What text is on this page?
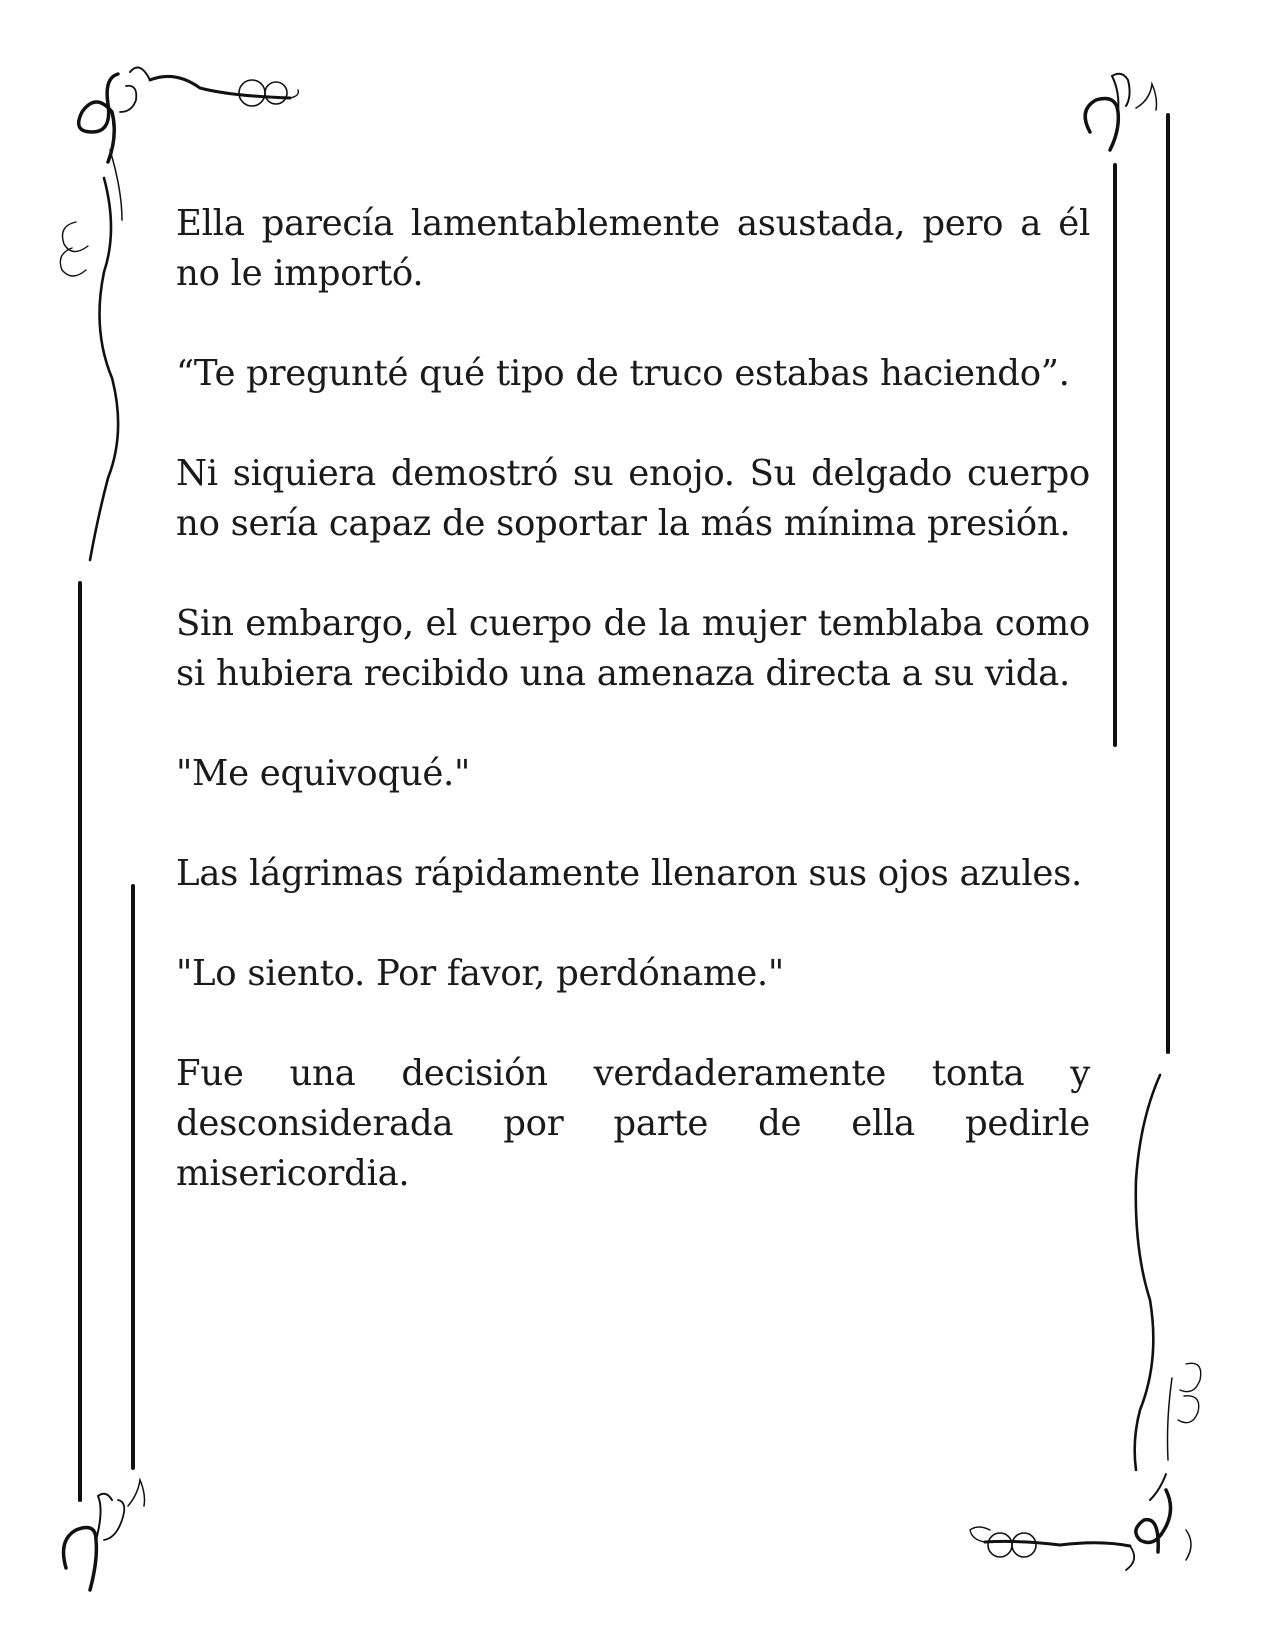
Ella parecía lamentablemente asustada, pero a él no le importó.

“Te pregunté qué tipo de truco estabas haciendo”.

Ni siquiera demostró su enojo. Su delgado cuerpo no sería capaz de soportar la más mínima presión.

Sin embargo, el cuerpo de la mujer temblaba como si hubiera recibido una amenaza directa a su vida.

"Me equivoqué."

Las lágrimas rápidamente llenaron sus ojos azules.

"Lo siento. Por favor, perdóname."

Fue una decisión verdaderamente tonta y desconsiderada por parte de ella pedirle misericordia.
